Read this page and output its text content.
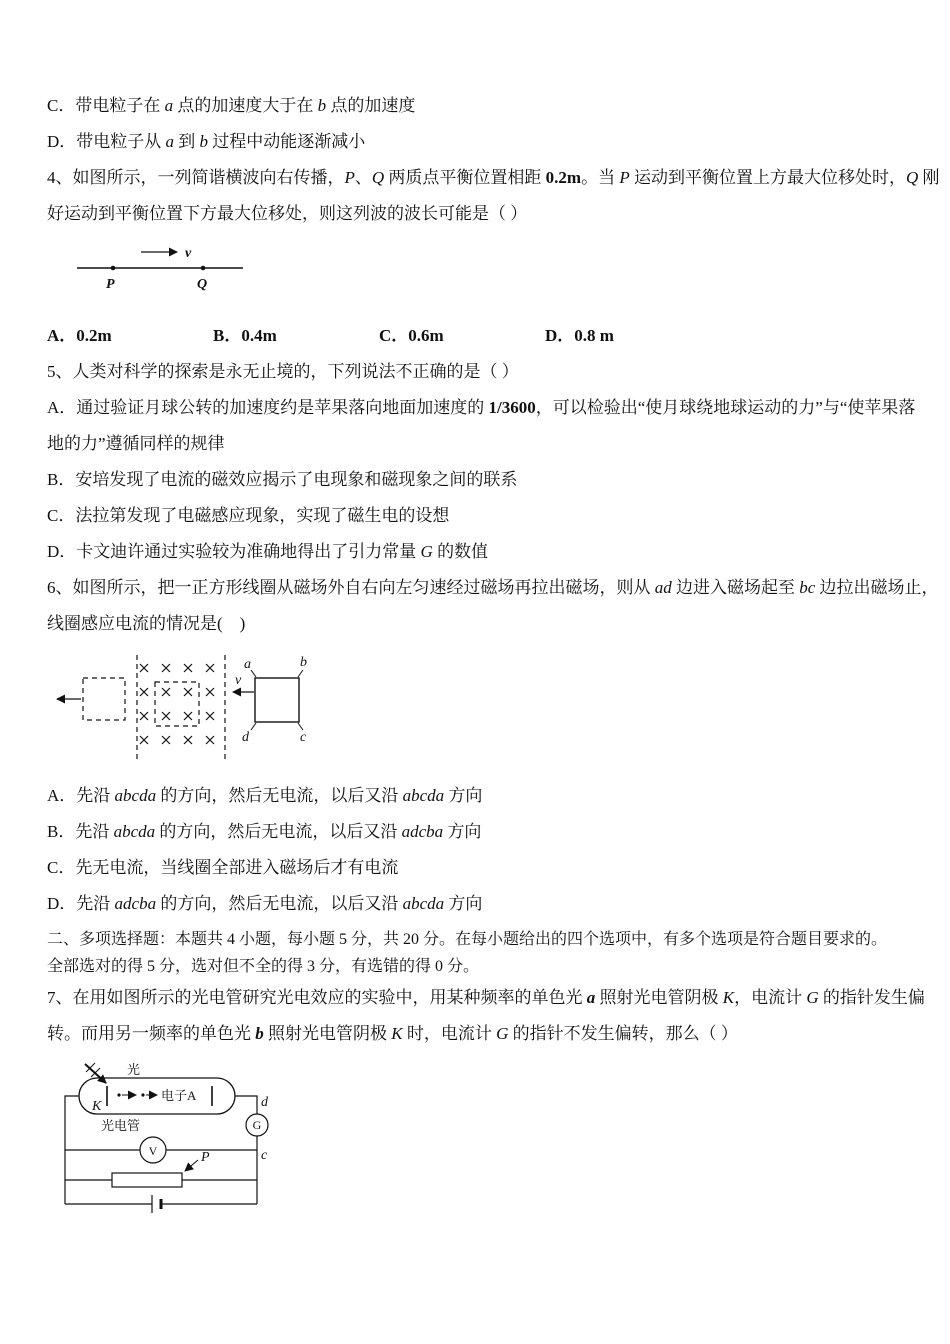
C．带电粒子在 a 点的加速度大于在 b 点的加速度
D．带电粒子从 a 到 b 过程中动能逐渐减小
4、如图所示，一列简谐横波向右传播，P、Q 两质点平衡位置相距 0.2m。当 P 运动到平衡位置上方最大位移处时，Q 刚
好运动到平衡位置下方最大位移处，则这列波的波长可能是（ ）
v
P	Q
A．0.2m	B．0.4m	C．0.6m	D．0.8 m
5、人类对科学的探索是永无止境的，下列说法不正确的是（ ）
A．通过验证月球公转的加速度约是苹果落向地面加速度的 1/3600，可以检验出“使月球绕地球运动的力”与“使苹果落
地的力”遵循同样的规律
B．安培发现了电流的磁效应揭示了电现象和磁现象之间的联系
C．法拉第发现了电磁感应现象，实现了磁生电的设想
D．卡文迪许通过实验较为准确地得出了引力常量 G 的数值
6、如图所示，把一正方形线圈从磁场外自右向左匀速经过磁场再拉出磁场，则从 ad 边进入磁场起至 bc 边拉出磁场止，
线圈感应电流的情况是(　)
v
a	b
d	c
A．先沿 abcda 的方向，然后无电流，以后又沿 abcda 方向
B．先沿 abcda 的方向，然后无电流，以后又沿 adcba 方向
C．先无电流，当线圈全部进入磁场后才有电流
D．先沿 adcba 的方向，然后无电流，以后又沿 abcda 方向
二、多项选择题：本题共 4 小题，每小题 5 分，共 20 分。在每小题给出的四个选项中，有多个选项是符合题目要求的。
全部选对的得 5 分，选对但不全的得 3 分，有选错的得 0 分。
7、在用如图所示的光电管研究光电效应的实验中，用某种频率的单色光 a 照射光电管阴极 K，电流计 G 的指针发生偏
转。而用另一频率的单色光 b 照射光电管阴极 K 时，电流计 G 的指针不发生偏转，那么（ ）
光
K
电子A
光电管
d
G
c
V	P
